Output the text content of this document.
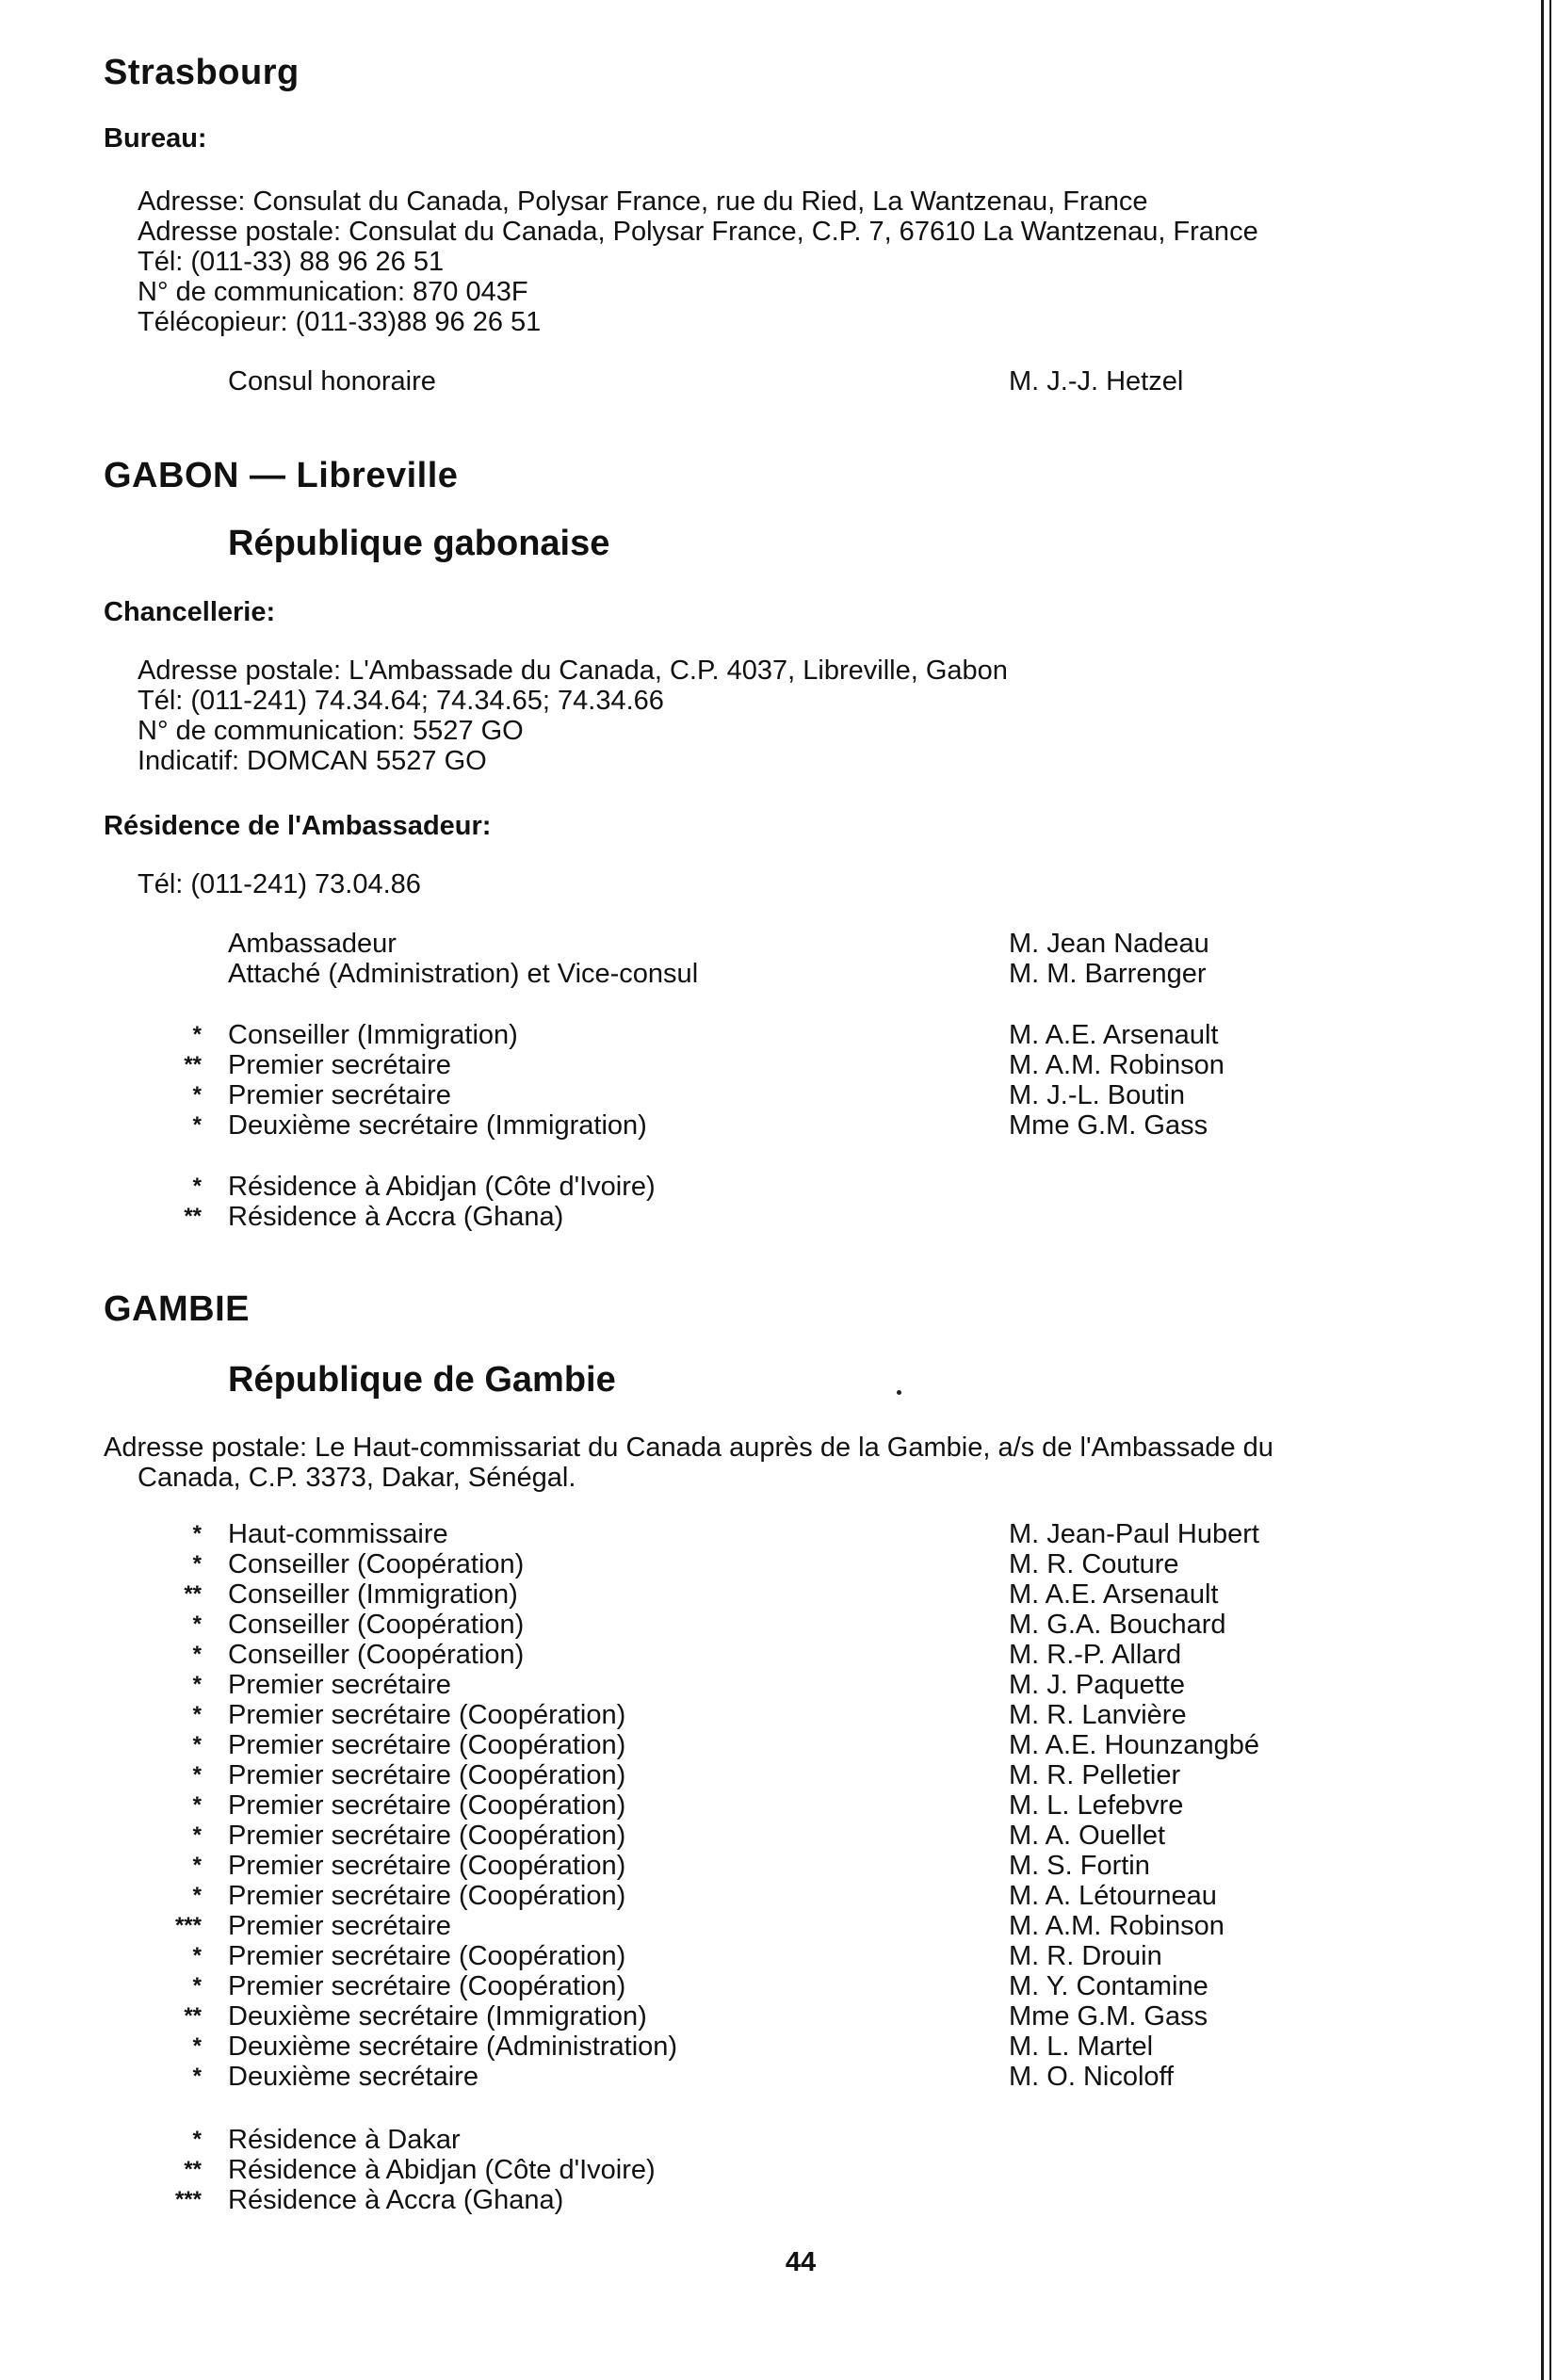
Strasbourg
Bureau:
Adresse: Consulat du Canada, Polysar France, rue du Ried, La Wantzenau, France
Adresse postale: Consulat du Canada, Polysar France, C.P. 7, 67610 La Wantzenau, France
Tél: (011-33) 88 96 26 51
N° de communication: 870 043F
Télécopieur: (011-33)88 96 26 51
Consul honoraire	M. J.-J. Hetzel
GABON — Libreville
République gabonaise
Chancellerie:
Adresse postale: L'Ambassade du Canada, C.P. 4037, Libreville, Gabon
Tél: (011-241) 74.34.64; 74.34.65; 74.34.66
N° de communication: 5527 GO
Indicatif: DOMCAN 5527 GO
Résidence de l'Ambassadeur:
Tél: (011-241) 73.04.86
Ambassadeur	M. Jean Nadeau
Attaché (Administration) et Vice-consul	M. M. Barrenger
* Conseiller (Immigration)	M. A.E. Arsenault
** Premier secrétaire	M. A.M. Robinson
* Premier secrétaire	M. J.-L. Boutin
* Deuxième secrétaire (Immigration)	Mme G.M. Gass
* Résidence à Abidjan (Côte d'Ivoire)
** Résidence à Accra (Ghana)
GAMBIE
République de Gambie
Adresse postale: Le Haut-commissariat du Canada auprès de la Gambie, a/s de l'Ambassade du
Canada, C.P. 3373, Dakar, Sénégal.
* Haut-commissaire	M. Jean-Paul Hubert
* Conseiller (Coopération)	M. R. Couture
** Conseiller (Immigration)	M. A.E. Arsenault
* Conseiller (Coopération)	M. G.A. Bouchard
* Conseiller (Coopération)	M. R.-P. Allard
* Premier secrétaire	M. J. Paquette
* Premier secrétaire (Coopération)	M. R. Lanvière
* Premier secrétaire (Coopération)	M. A.E. Hounzangbé
* Premier secrétaire (Coopération)	M. R. Pelletier
* Premier secrétaire (Coopération)	M. L. Lefebvre
* Premier secrétaire (Coopération)	M. A. Ouellet
* Premier secrétaire (Coopération)	M. S. Fortin
* Premier secrétaire (Coopération)	M. A. Létourneau
*** Premier secrétaire	M. A.M. Robinson
* Premier secrétaire (Coopération)	M. R. Drouin
* Premier secrétaire (Coopération)	M. Y. Contamine
** Deuxième secrétaire (Immigration)	Mme G.M. Gass
* Deuxième secrétaire (Administration)	M. L. Martel
* Deuxième secrétaire	M. O. Nicoloff
* Résidence à Dakar
** Résidence à Abidjan (Côte d'Ivoire)
*** Résidence à Accra (Ghana)
44
